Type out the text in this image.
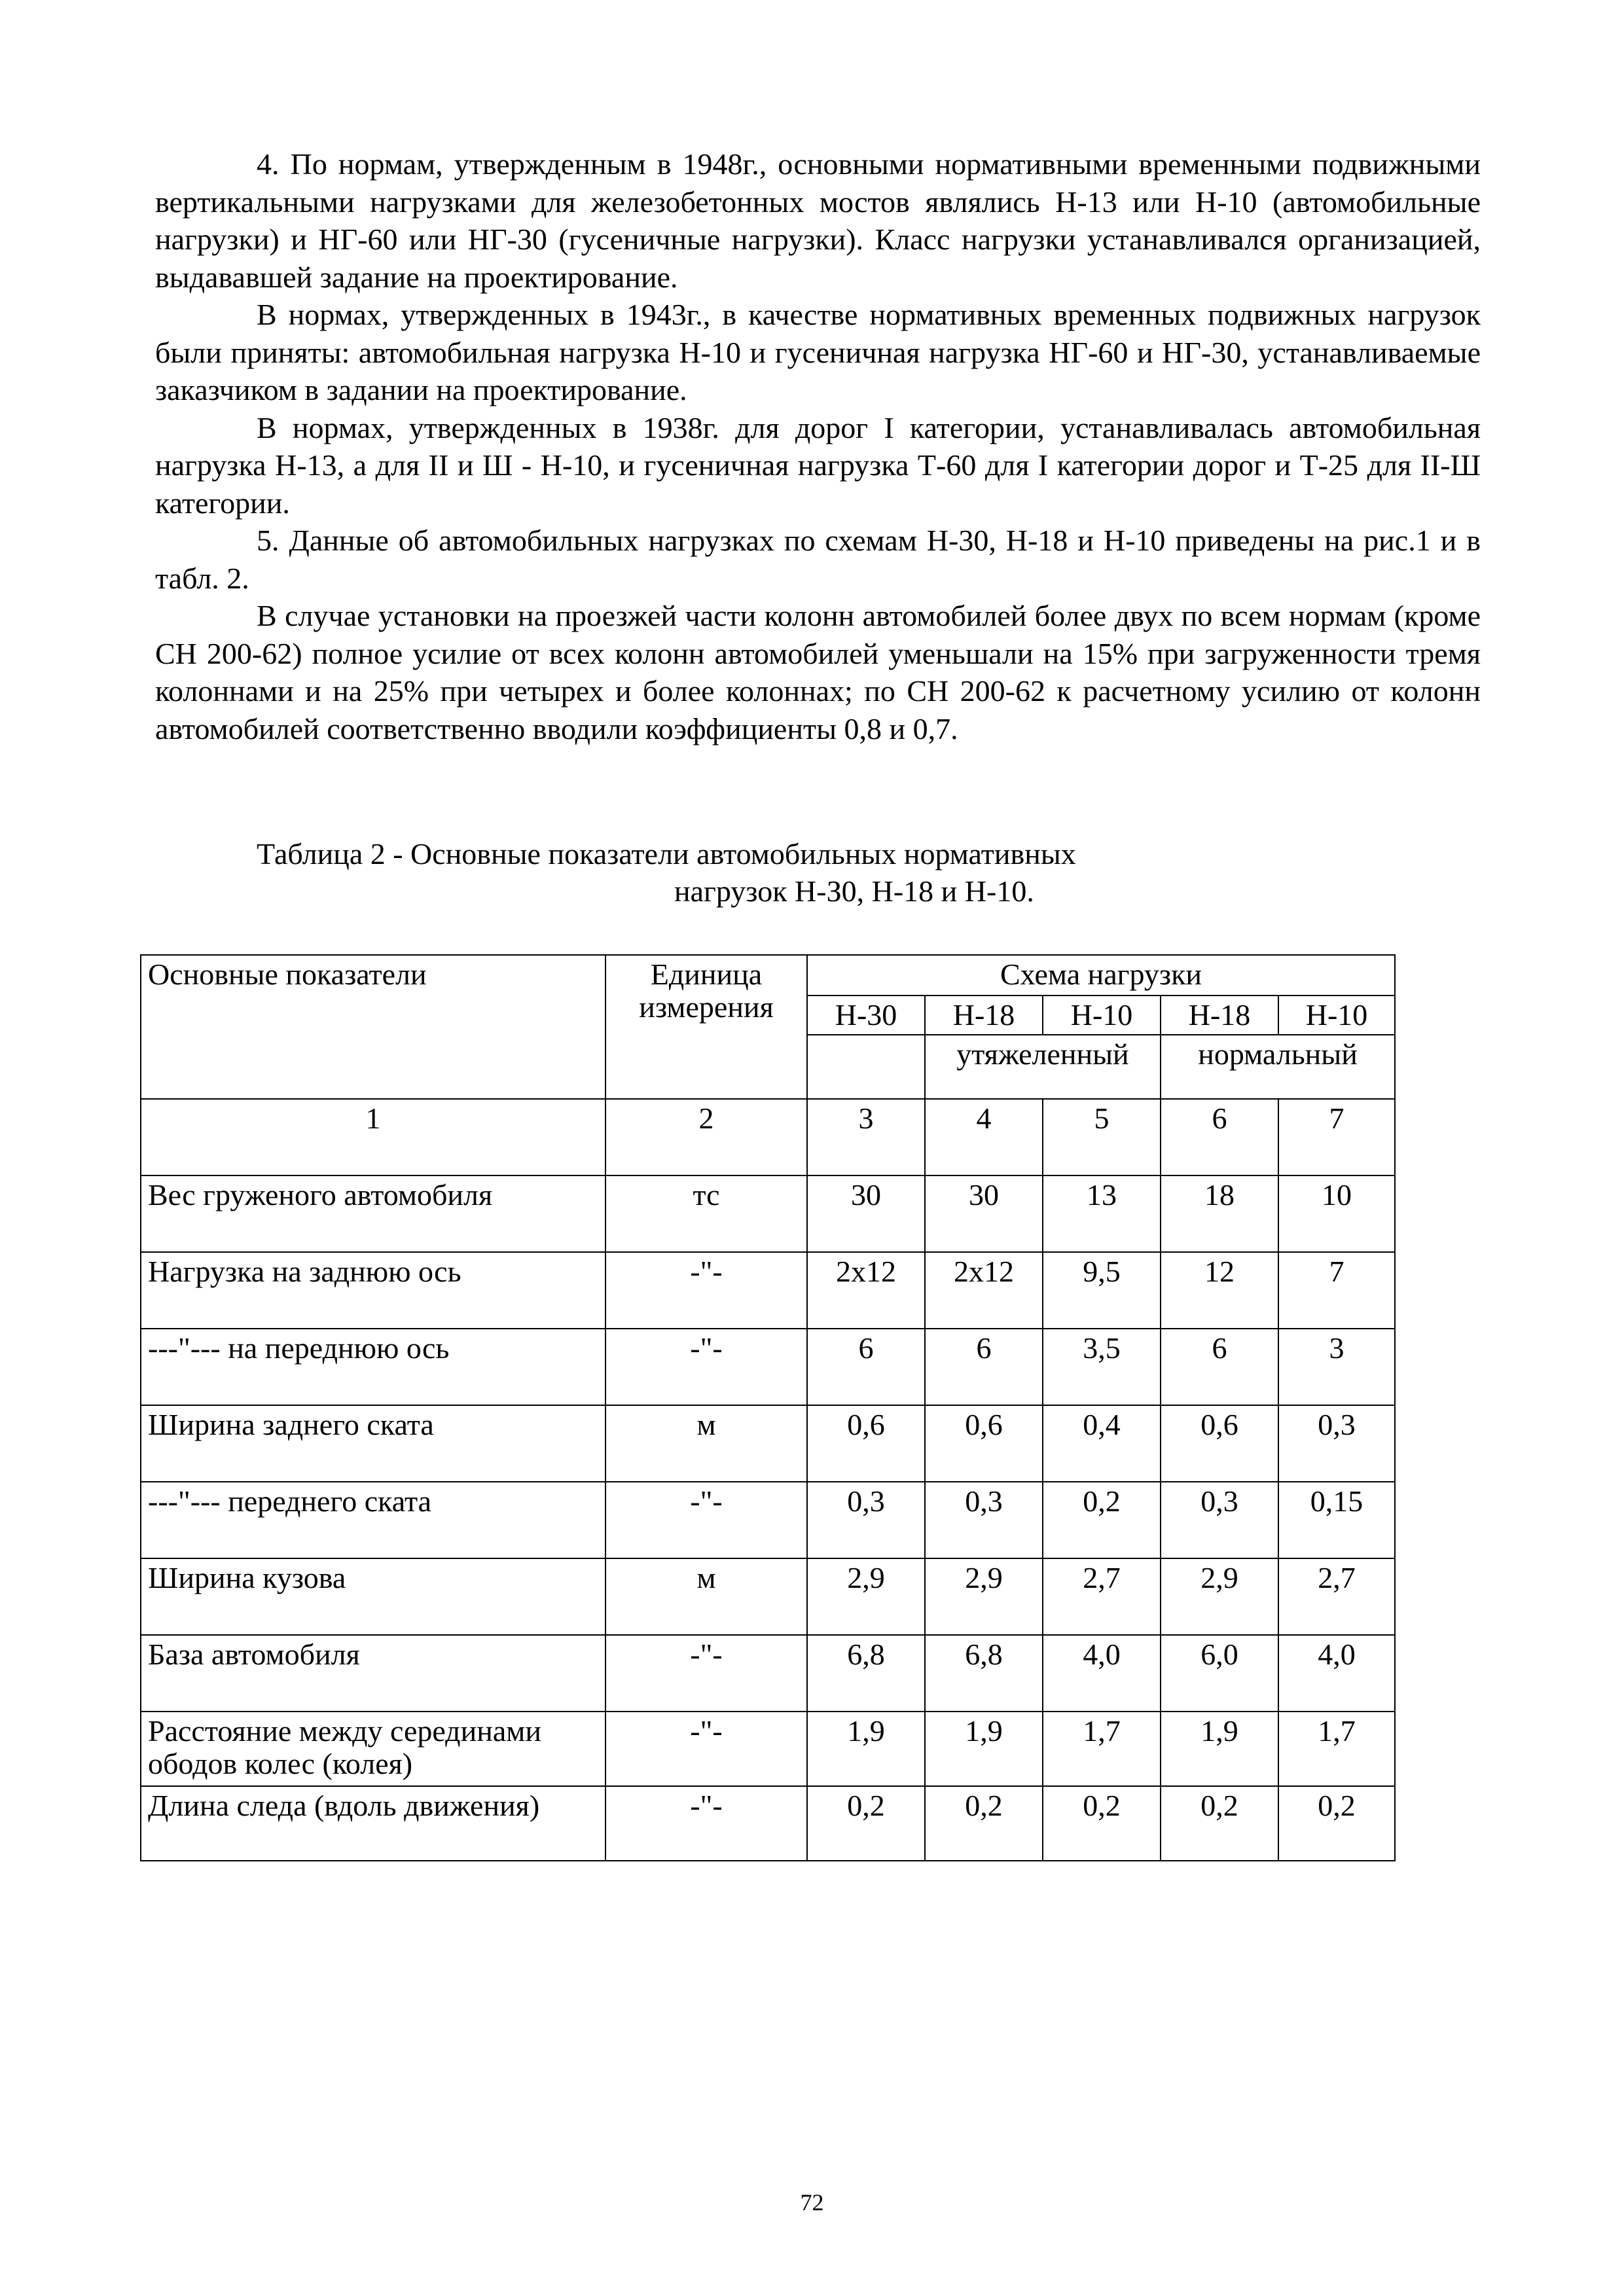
4. По нормам, утвержденным в 1948г., основными нормативными временными подвижными вертикальными нагрузками для железобетонных мостов являлись Н-13 или Н-10 (автомобильные нагрузки) и НГ-60 или НГ-30 (гусеничные нагрузки). Класс нагрузки устанавливался организацией, выдававшей задание на проектирование.

В нормах, утвержденных в 1943г., в качестве нормативных временных подвижных нагрузок были приняты: автомобильная нагрузка Н-10 и гусеничная нагрузка НГ-60 и НГ-30, устанавливаемые заказчиком в задании на проектирование.

В нормах, утвержденных в 1938г. для дорог I категории, устанавливалась автомобильная нагрузка Н-13, а для II и Ш - Н-10, и гусеничная нагрузка Т-60 для I категории дорог и Т-25 для II-Ш категории.

5. Данные об автомобильных нагрузках по схемам Н-30, Н-18 и Н-10 приведены на рис.1 и в табл. 2.

В случае установки на проезжей части колонн автомобилей более двух по всем нормам (кроме СН 200-62) полное усилие от всех колонн автомобилей уменьшали на 15% при загруженности тремя колоннами и на 25% при четырех и более колоннах; по СН 200-62 к расчетному усилию от колонн автомобилей соответственно вводили коэффициенты 0,8 и 0,7.

Таблица 2 - Основные показатели автомобильных нормативных
нагрузок Н-З0, Н-18 и Н-10.
Основные показатели	Единица измерения	Схема нагрузки				
		Н-30	Н-18	Н-10	Н-18	Н-10
			утяжеленный		нормальный	
1	2	3	4	5	6	7
Вес груженого автомобиля	тс	30	30	13	18	10
Нагрузка на заднюю ось	-"-	2х12	2х12	9,5	12	7
---"--- на переднюю ось	-"-	6	6	3,5	6	3
Ширина заднего ската	м	0,6	0,6	0,4	0,6	0,3
---"--- переднего ската	-"-	0,3	0,3	0,2	0,3	0,15
Ширина кузова	м	2,9	2,9	2,7	2,9	2,7
База автомобиля	-"-	6,8	6,8	4,0	6,0	4,0
Расстояние между серединами ободов колес (колея)	-"-	1,9	1,9	1,7	1,9	1,7
Длина следа (вдоль движения)	-"-	0,2	0,2	0,2	0,2	0,2
72
